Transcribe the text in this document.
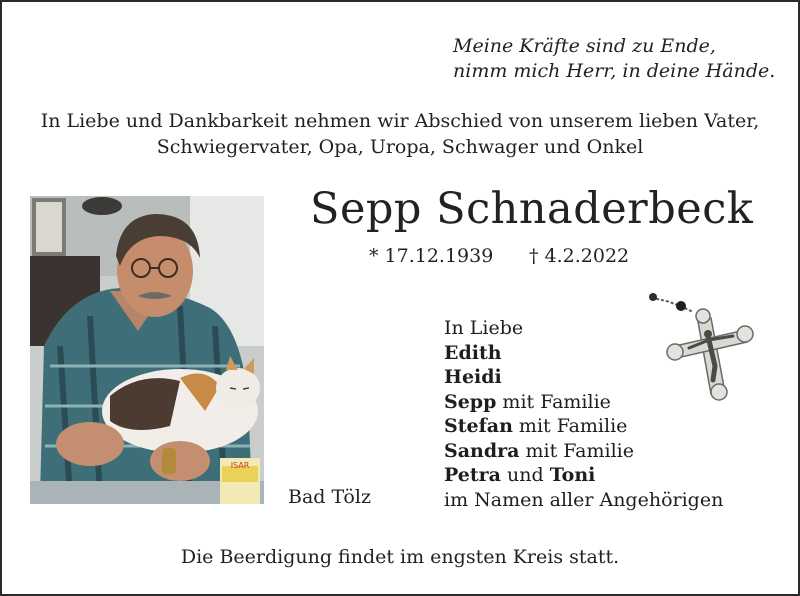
Meine Kräfte sind zu Ende,
nimm mich Herr, in deine Hände.
In Liebe und Dankbarkeit nehmen wir Abschied von unserem lieben Vater,
Schwiegervater, Opa, Uropa, Schwager und Onkel
ISAR
Sepp Schnaderbeck
* 17.12.1939 † 4.2.2022
In Liebe
Edith
Heidi
Sepp mit Familie
Stefan mit Familie
Sandra mit Familie
Petra und Toni
im Namen aller Angehörigen
Bad Tölz
Die Beerdigung findet im engsten Kreis statt.
